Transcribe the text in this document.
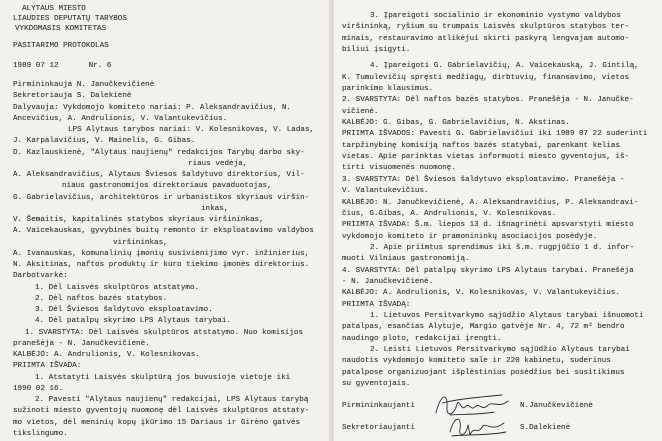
ALYTAUS MIESTO
LIAUDIES DEPUTATŲ TARYBOS
VYKDOMASIS KOMITETAS
PASITARIMO PROTOKOLAS
1989 07 12	Nr. 6
Pirmininkauja N. Janučkevičienė
Sekretoriauja S. Dalekienė
Dalyvauja: Vykdomojo komiteto nariai: P. Aleksandravičius, N.
Ancevičius, A. Andrulionis, V. Valantukevičius.
LPS Alytaus tarybos nariai: V. Kolesnikovas, V. Ladas,
J. Karpalavičius, V. Mainelis, G. Gibas.
D. Kazlauskienė, "Alytaus naujienų" redakcijos Tarybų darbo sky-
riaus vedėja,
A. Aleksandravičius, Alytaus Šviesos šaldytuvo direktorius, Vil-
niaus gastronomijos direktoriaus pavaduotojas,
G. Gabrielavičius, architektūros ir urbanistikos skyriaus viršin-
inkas,
V. Šemaitis, kapitalinės statybos skyriaus viršininkas,
A. Vaicekauskas, gyvybinės buitų remonto ir eksploatavimo valdybos
viršininkas,
A. Ivanauskas, komunalinių įmonių susivienijimo vyr. inžinierius,
N. Aksitinas, naftos produktų ir kuro tiekimo įmonės direktorius.
Darbotvarkė:
1. Dėl Laisvės skulptūros atstatymo.
2. Dėl naftos bazės statybos.
3. Dėl Šviesos šaldytuvo eksploatavimo.
4. Dėl patalpų skyrimo LPS Alytaus tarybai.
1. SVARSTYTA: Dėl Laisvės skulptūros atstatymo. Nuo komisijos
pranešėja - N. Janučkevičienė.
KALBĖJO: A. Andrulionis, V. Kolesnikovas.
PRIIMTA IŠVADA:
1. Atstatyti Laisvės skulptūrą jos buvusioje vietoje iki
1990 02 16.
2. Pavesti "Alytaus naujienų" redakcijai, LPS Alytaus tarybą
sužinoti miesto gyventojų nuomonę dėl Laisvės skulptūros atstaty-
mo vietos, dėl meninių kopų įkūrimo 15 Dariaus ir Girėno gatvės
tikslingumo.
3. Įpareigoti socialinio ir ekonominio vystymo valdybos
viršininką, ryšium su trumpais Laisvės skulptūros statybos ter-
minais, restauravimo atlikėjui skirti paskyrą lengvajam automo-
biliui įsigyti.
4. Įpareigoti G. Gabrielavičių, A. Vaicekauską, J. Gintilą,
K. Tumulevičių spręsti medžiagų, dirbtuvių, finansavimo, vietos
parinkimo klausimus.
2. SVARSTYTA: Dėl naftos bazės statybos. Pranešėja - N. Janučke-
vičienė.
KALBĖJO: G. Gibas, G. Gabrielavičius, N. Akstinas.
PRIIMTA IŠVADOS: Pavesti G. Gabrielavičiui iki 1989 07 22 suderinti
tarpžinybinę komisiją naftos bazės statybai, parenkant kelias
vietas. Apie parinktas vietas informuoti miesto gyventojus, iš-
tirti visuomenės nuomonę.
3. SVARSTYTA: Dėl Šviesos šaldytuvo eksploatavimo. Pranešėja -
V. Valantukevičius.
KALBĖJO: N. Janučkevičienė, A. Aleksandravičius, P. Aleksandravi-
čius, G.Gibas, A. Andrulionis, V. Kolesnikovas.
PRIIMTA IŠVADA: Š.m. liepos 13 d. išnagrinėti apsvarstyti miesto
vykdomojo komiteto ir pramonininkų asociacijos posėdyje.
2. Apie priimtus sprendimus iki š.m. rugpjūčio 1 d. infor-
muoti Vilniaus gastronomiją.
4. SVARSTYTA: Dėl patalpų skyrimo LPS Alytaus tarybai. Pranešėja
- N. Janučkevičienė.
KALBĖJO: A. Andrulionis, V. Kolesnikovas, V. Valantukevičius.
PRIIMTA IŠVADĄ:
1. Lietuvos Persitvarkymo sąjūdžio Alytaus tarybai išnuomoti
patalpas, esančias Alytuje, Margio gatvėje Nr. 4, 72 m² bendro
naudingo ploto, redakcijai įrengti.
2. Leisti Lietuvos Persitvarkymo sąjūdžio Alytaus tarybai
naudotis vykdomojo komiteto sale ir 220 kabinetu, suderinus
patalpose organizuojant išplėstinius posėdžius bei susitikimus
su gyventojais.
Pirmininkaujanti	N.Janučkevičienė
Sekretoriaujanti	S.Dalekienė
